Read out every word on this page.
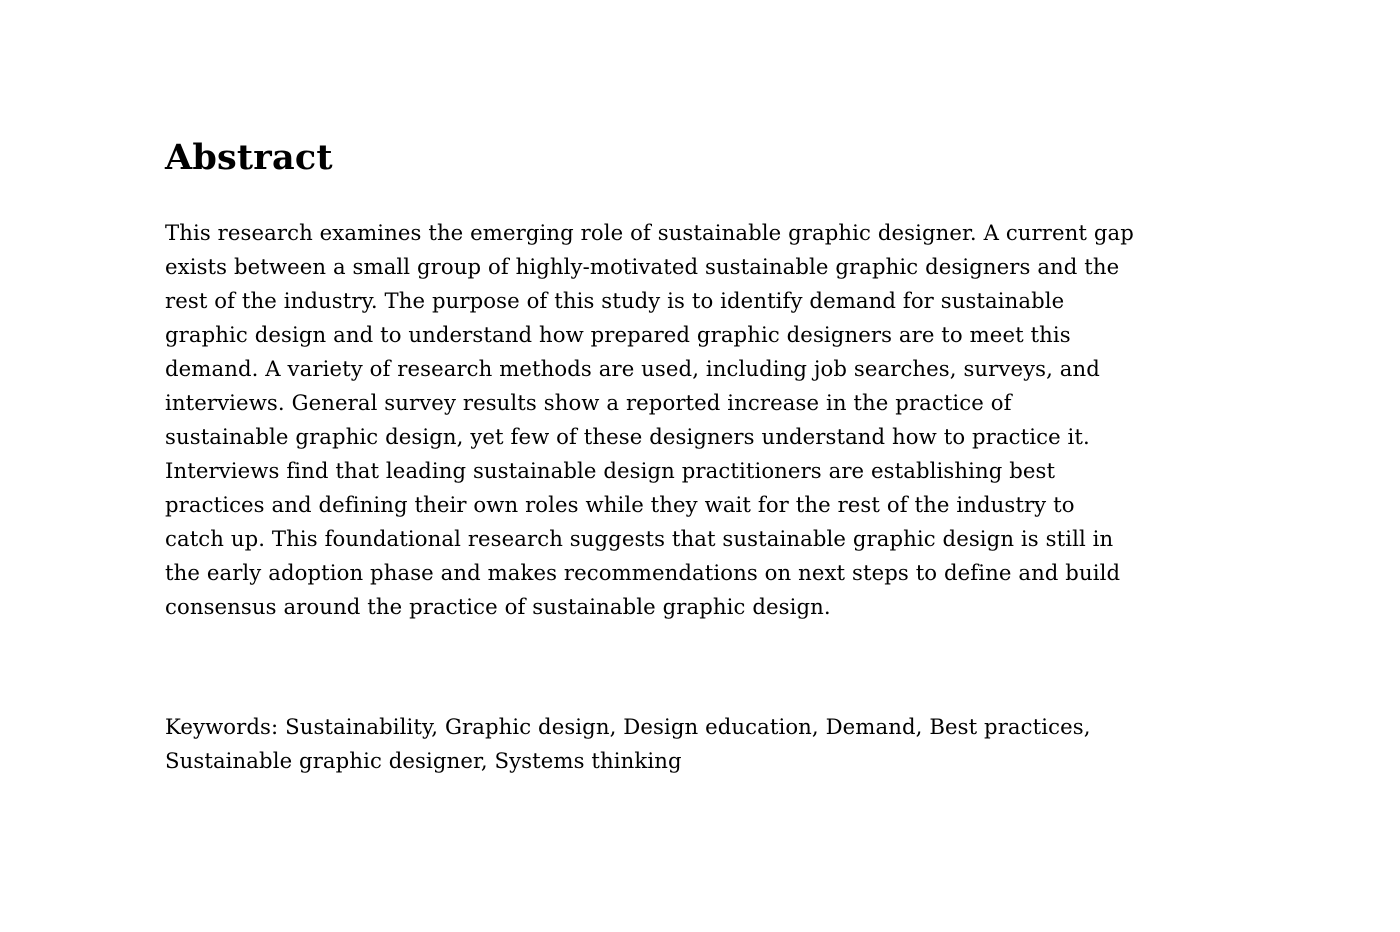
Abstract

This research examines the emerging role of sustainable graphic designer. A current gap
exists between a small group of highly-motivated sustainable graphic designers and the
rest of the industry. The purpose of this study is to identify demand for sustainable
graphic design and to understand how prepared graphic designers are to meet this
demand. A variety of research methods are used, including job searches, surveys, and
interviews. General survey results show a reported increase in the practice of
sustainable graphic design, yet few of these designers understand how to practice it.
Interviews find that leading sustainable design practitioners are establishing best
practices and defining their own roles while they wait for the rest of the industry to
catch up. This foundational research suggests that sustainable graphic design is still in
the early adoption phase and makes recommendations on next steps to define and build
consensus around the practice of sustainable graphic design.

Keywords: Sustainability, Graphic design, Design education, Demand, Best practices,
Sustainable graphic designer, Systems thinking
